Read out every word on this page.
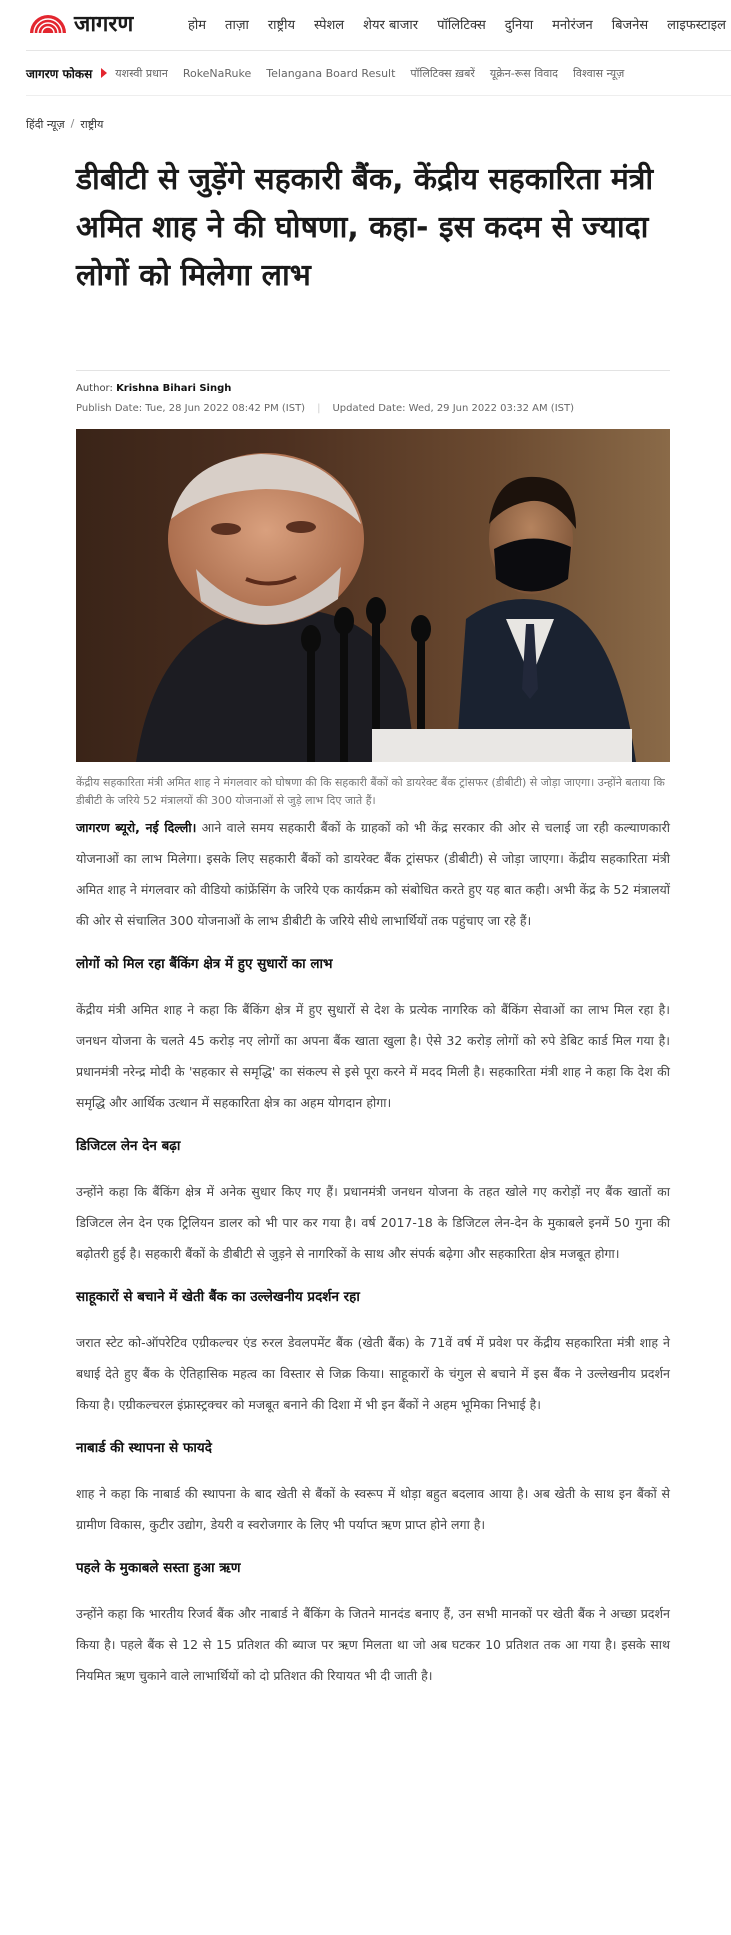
जागरण	होम ताज़ा राष्ट्रीय स्पेशल शेयर बाजार पॉलिटिक्स दुनिया मनोरंजन बिजनेस लाइफस्टाइल
जागरण फोकस यशस्वी प्रधान RokeNaRuke Telangana Board Result पॉलिटिक्स ख़बरें यूक्रेन-रूस विवाद विश्वास न्यूज़
हिंदी न्यूज़ / राष्ट्रीय
डीबीटी से जुड़ेंगे सहकारी बैंक, केंद्रीय सहकारिता मंत्री अमित शाह ने की घोषणा, कहा- इस कदम से ज्यादा लोगों को मिलेगा लाभ
Author: Krishna Bihari Singh
Publish Date: Tue, 28 Jun 2022 08:42 PM (IST) | Updated Date: Wed, 29 Jun 2022 03:32 AM (IST)
केंद्रीय सहकारिता मंत्री अमित शाह ने मंगलवार को घोषणा की कि सहकारी बैंकों को डायरेक्ट बैंक ट्रांसफर (डीबीटी) से जोड़ा जाएगा। उन्होंने बताया कि डीबीटी के जरिये 52 मंत्रालयों की 300 योजनाओं से जुड़े लाभ दिए जाते हैं।

जागरण ब्यूरो, नई दिल्ली। आने वाले समय सहकारी बैंकों के ग्राहकों को भी केंद्र सरकार की ओर से चलाई जा रही कल्याणकारी योजनाओं का लाभ मिलेगा। इसके लिए सहकारी बैंकों को डायरेक्ट बैंक ट्रांसफर (डीबीटी) से जोड़ा जाएगा। केंद्रीय सहकारिता मंत्री अमित शाह ने मंगलवार को वीडियो कांफ्रेंसिंग के जरिये एक कार्यक्रम को संबोधित करते हुए यह बात कही। अभी केंद्र के 52 मंत्रालयों की ओर से संचालित 300 योजनाओं के लाभ डीबीटी के जरिये सीधे लाभार्थियों तक पहुंचाए जा रहे हैं।

लोगों को मिल रहा बैंकिंग क्षेत्र में हुए सुधारों का लाभ

केंद्रीय मंत्री अमित शाह ने कहा कि बैंकिंग क्षेत्र में हुए सुधारों से देश के प्रत्येक नागरिक को बैंकिंग सेवाओं का लाभ मिल रहा है। जनधन योजना के चलते 45 करोड़ नए लोगों का अपना बैंक खाता खुला है। ऐसे 32 करोड़ लोगों को रुपे डेबिट कार्ड मिल गया है। प्रधानमंत्री नरेन्द्र मोदी के 'सहकार से समृद्धि' का संकल्प से इसे पूरा करने में मदद मिली है। सहकारिता मंत्री शाह ने कहा कि देश की समृद्धि और आर्थिक उत्थान में सहकारिता क्षेत्र का अहम योगदान होगा।

डिजिटल लेन देन बढ़ा

उन्होंने कहा कि बैंकिंग क्षेत्र में अनेक सुधार किए गए हैं। प्रधानमंत्री जनधन योजना के तहत खोले गए करोड़ों नए बैंक खातों का डिजिटल लेन देन एक ट्रिलियन डालर को भी पार कर गया है। वर्ष 2017-18 के डिजिटल लेन-देन के मुकाबले इनमें 50 गुना की बढ़ोतरी हुई है। सहकारी बैंकों के डीबीटी से जुड़ने से नागरिकों के साथ और संपर्क बढ़ेगा और सहकारिता क्षेत्र मजबूत होगा।

साहूकारों से बचाने में खेती बैंक का उल्लेखनीय प्रदर्शन रहा

जरात स्टेट को-ऑपरेटिव एग्रीकल्चर एंड रुरल डेवलपमेंट बैंक (खेती बैंक) के 71वें वर्ष में प्रवेश पर केंद्रीय सहकारिता मंत्री शाह ने बधाई देते हुए बैंक के ऐतिहासिक महत्व का विस्तार से जिक्र किया। साहूकारों के चंगुल से बचाने में इस बैंक ने उल्लेखनीय प्रदर्शन किया है। एग्रीकल्चरल इंफ्रास्ट्रक्चर को मजबूत बनाने की दिशा में भी इन बैंकों ने अहम भूमिका निभाई है।

नाबार्ड की स्थापना से फायदे

शाह ने कहा कि नाबार्ड की स्थापना के बाद खेती से बैंकों के स्वरूप में थोड़ा बहुत बदलाव आया है। अब खेती के साथ इन बैंकों से ग्रामीण विकास, कुटीर उद्योग, डेयरी व स्वरोजगार के लिए भी पर्याप्त ऋण प्राप्त होने लगा है।

पहले के मुकाबले सस्ता हुआ ऋण

उन्होंने कहा कि भारतीय रिजर्व बैंक और नाबार्ड ने बैंकिंग के जितने मानदंड बनाए हैं, उन सभी मानकों पर खेती बैंक ने अच्छा प्रदर्शन किया है। पहले बैंक से 12 से 15 प्रतिशत की ब्याज पर ऋण मिलता था जो अब घटकर 10 प्रतिशत तक आ गया है। इसके साथ नियमित ऋण चुकाने वाले लाभार्थियों को दो प्रतिशत की रियायत भी दी जाती है।
